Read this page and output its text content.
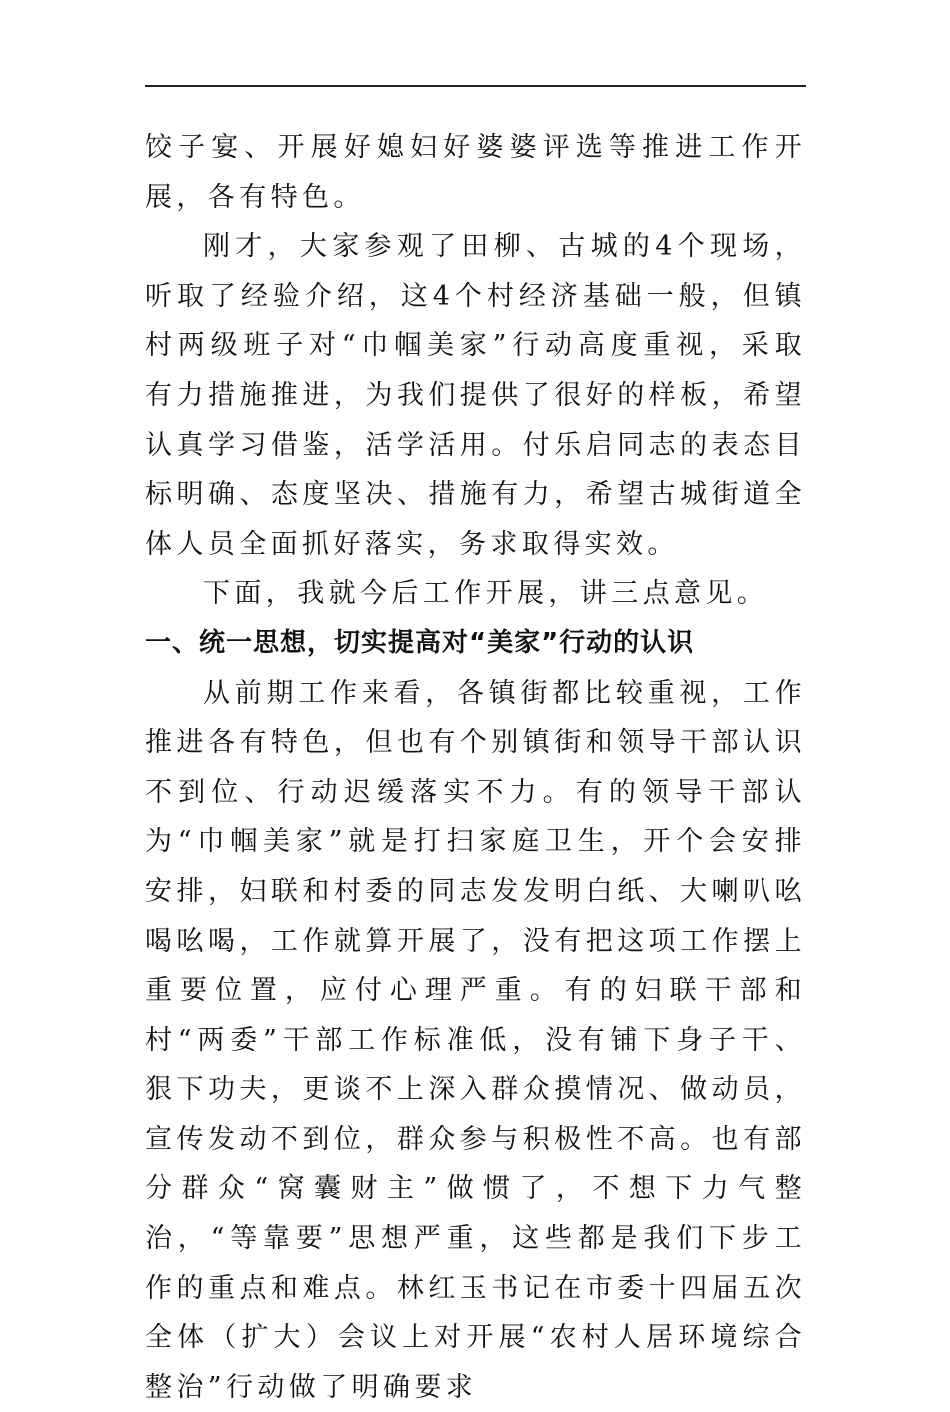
饺子宴、开展好媳妇好婆婆评选等推进工作开展，各有特色。

刚才，大家参观了田柳、古城的4个现场，听取了经验介绍，这4个村经济基础一般，但镇村两级班子对“巾帼美家”行动高度重视，采取有力措施推进，为我们提供了很好的样板，希望认真学习借鉴，活学活用。付乐启同志的表态目标明确、态度坚决、措施有力，希望古城街道全体人员全面抓好落实，务求取得实效。

下面，我就今后工作开展，讲三点意见。

一、统一思想，切实提高对“美家”行动的认识

从前期工作来看，各镇街都比较重视，工作推进各有特色，但也有个别镇街和领导干部认识不到位、行动迟缓落实不力。有的领导干部认为“巾帼美家”就是打扫家庭卫生，开个会安排安排，妇联和村委的同志发发明白纸、大喇叭吆喝吆喝，工作就算开展了，没有把这项工作摆上重要位置，应付心理严重。有的妇联干部和村“两委”干部工作标准低，没有铺下身子干、狠下功夫，更谈不上深入群众摸情况、做动员，宣传发动不到位，群众参与积极性不高。也有部分群众“窝囊财主”做惯了，不想下力气整治，“等靠要”思想严重，这些都是我们下步工作的重点和难点。林红玉书记在市委十四届五次全体（扩大）会议上对开展“农村人居环境综合整治”行动做了明确要求
